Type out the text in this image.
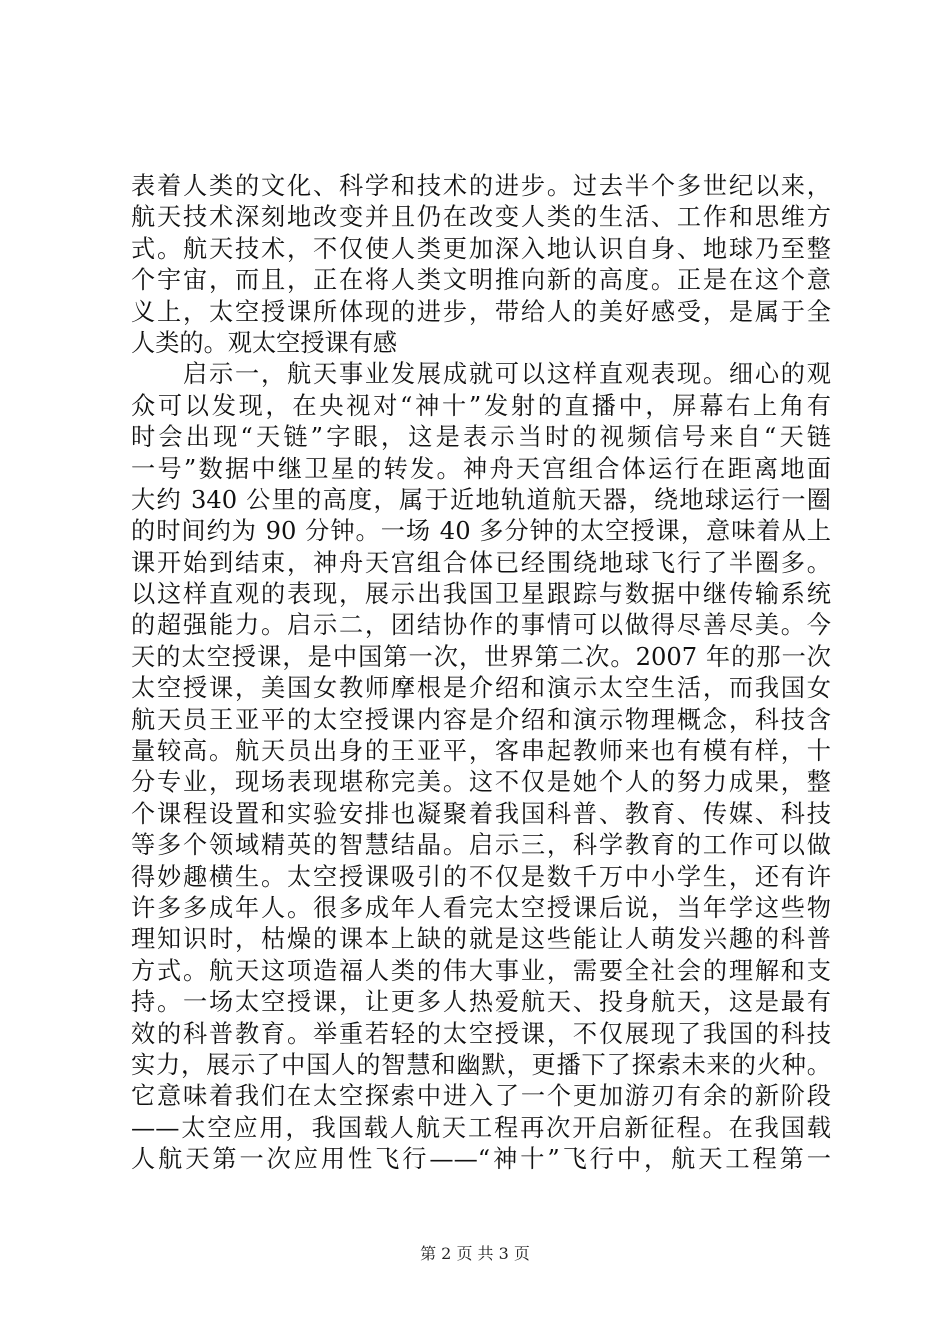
表着人类的文化、科学和技术的进步。过去半个多世纪以来，
航天技术深刻地改变并且仍在改变人类的生活、工作和思维方
式。航天技术，不仅使人类更加深入地认识自身、地球乃至整
个宇宙，而且，正在将人类文明推向新的高度。正是在这个意
义上，太空授课所体现的进步，带给人的美好感受，是属于全
人类的。观太空授课有感
　　启示一，航天事业发展成就可以这样直观表现。细心的观
众可以发现，在央视对“神十”发射的直播中，屏幕右上角有
时会出现“天链”字眼，这是表示当时的视频信号来自“天链
一号”数据中继卫星的转发。神舟天宫组合体运行在距离地面
大约 340 公里的高度，属于近地轨道航天器，绕地球运行一圈
的时间约为 90 分钟。一场 40 多分钟的太空授课，意味着从上
课开始到结束，神舟天宫组合体已经围绕地球飞行了半圈多。
以这样直观的表现，展示出我国卫星跟踪与数据中继传输系统
的超强能力。启示二，团结协作的事情可以做得尽善尽美。今
天的太空授课，是中国第一次，世界第二次。2007 年的那一次
太空授课，美国女教师摩根是介绍和演示太空生活，而我国女
航天员王亚平的太空授课内容是介绍和演示物理概念，科技含
量较高。航天员出身的王亚平，客串起教师来也有模有样，十
分专业，现场表现堪称完美。这不仅是她个人的努力成果，整
个课程设置和实验安排也凝聚着我国科普、教育、传媒、科技
等多个领域精英的智慧结晶。启示三，科学教育的工作可以做
得妙趣横生。太空授课吸引的不仅是数千万中小学生，还有许
许多多成年人。很多成年人看完太空授课后说，当年学这些物
理知识时，枯燥的课本上缺的就是这些能让人萌发兴趣的科普
方式。航天这项造福人类的伟大事业，需要全社会的理解和支
持。一场太空授课，让更多人热爱航天、投身航天，这是最有
效的科普教育。举重若轻的太空授课，不仅展现了我国的科技
实力，展示了中国人的智慧和幽默，更播下了探索未来的火种。
它意味着我们在太空探索中进入了一个更加游刃有余的新阶段
——太空应用，我国载人航天工程再次开启新征程。在我国载
人航天第一次应用性飞行——“神十”飞行中，航天工程第一
第 2 页 共 3 页
